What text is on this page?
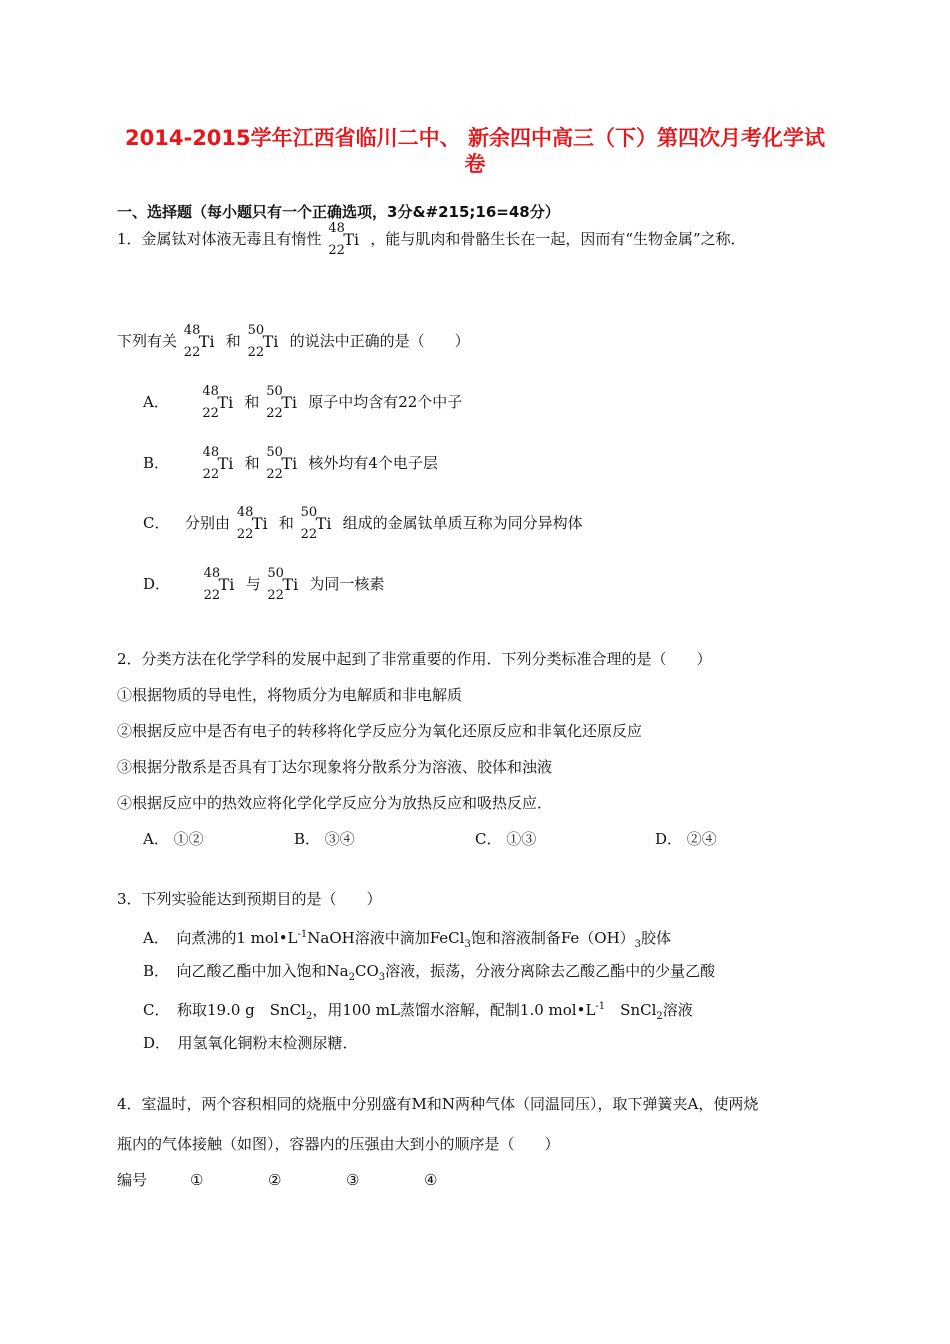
2014-2015学年江西省临川二中、 新余四中高三（下）第四次月考化学试
卷
一、选择题（每小题只有一个正确选项，3分&#215;16=48分）
1．金属钛对体液无毒且有惰性
48
22
Ti ，能与肌肉和骨骼生长在一起，因而有“生物金属”之称．
下列有关
48
22
Ti 和
50
22
Ti 的说法中正确的是（　　）
A．
48
22
Ti 和
50
22
Ti 原子中均含有22个中子
B．
48
22
Ti 和
50
22
Ti 核外均有4个电子层
C． 分别由
48
22
Ti 和
50
22
Ti 组成的金属钛单质互称为同分异构体
D．
48
22
Ti 与
50
22
Ti 为同一核素
2．分类方法在化学学科的发展中起到了非常重要的作用．下列分类标准合理的是（　　）
①根据物质的导电性，将物质分为电解质和非电解质
②根据反应中是否有电子的转移将化学反应分为氧化还原反应和非氧化还原反应
③根据分散系是否具有丁达尔现象将分散系分为溶液、胶体和浊液
④根据反应中的热效应将化学化学反应分为放热反应和吸热反应．
A． ①②	B． ③④	C． ①③	D． ②④
3．下列实验能达到预期目的是（　　）
A．　向煮沸的1 $mol•L^{-1}NaOH$溶液中滴加FeCl$_3$饱和溶液制备$Fe(OH)_3$胶体
B．　向乙酸乙酯中加入饱和$Na_2CO_3$溶液，振荡，分液分离除去乙酸乙酯中的少量乙酸
C．　称取19.0 g　SnCl$_2$，用100 mL蒸馏水溶解，配制1.0 $mol•L^{-1}$　SnCl$_2$溶液
D．　用氢氧化铜粉末检测尿糖．
4．室温时，两个容积相同的烧瓶中分别盛有M和N两种气体（同温同压），取下弹簧夹A，使两烧
瓶内的气体接触（如图），容器内的压强由大到小的顺序是（　　）
编号	①	②	③	④
